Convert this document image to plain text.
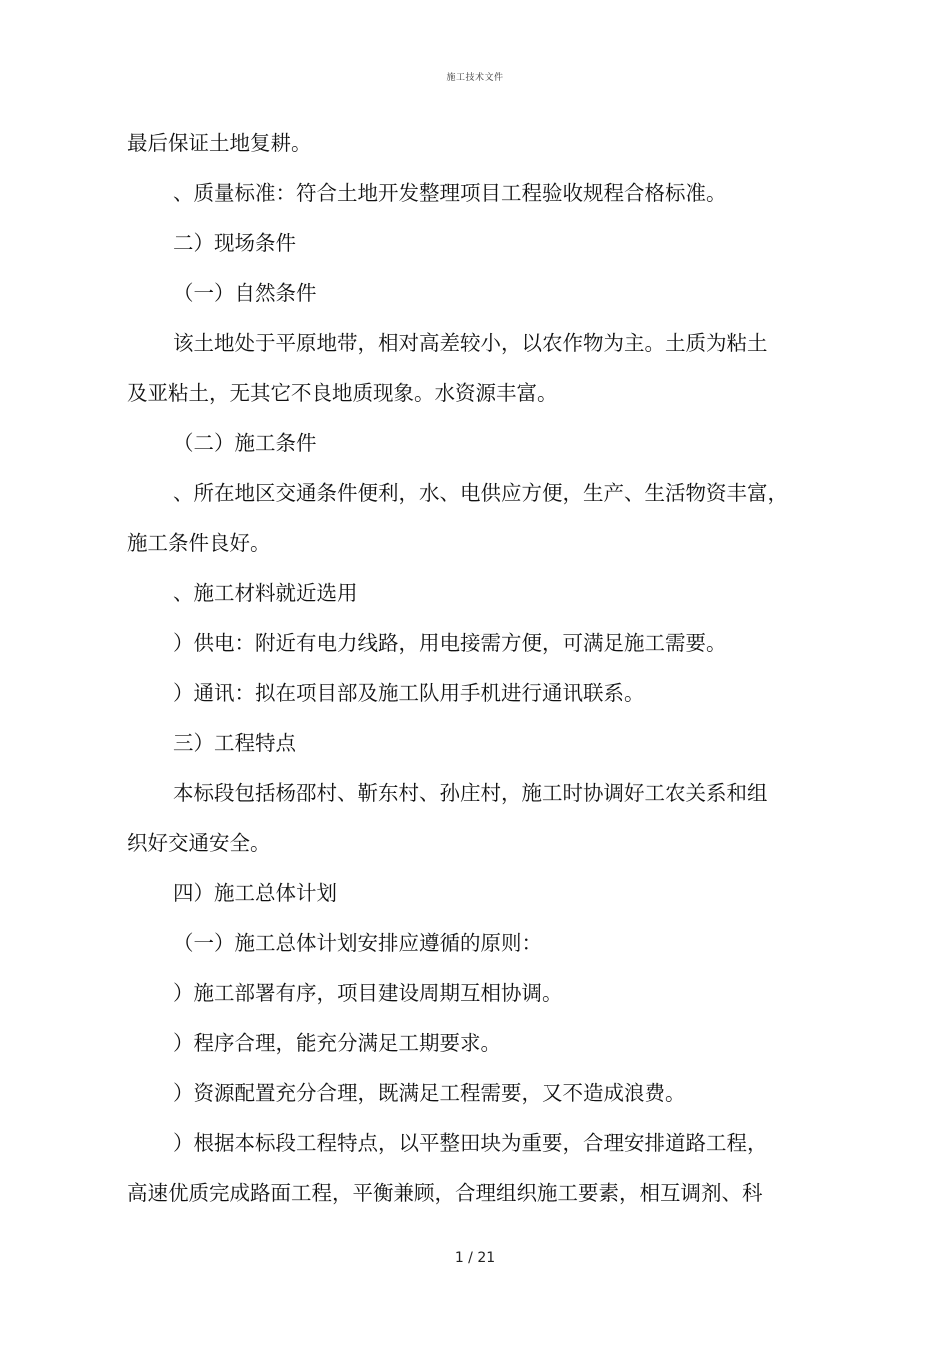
施工技术文件
最后保证土地复耕。
、质量标准：符合土地开发整理项目工程验收规程合格标准。
二）现场条件
（一）自然条件
该土地处于平原地带，相对高差较小，以农作物为主。土质为粘土
及亚粘土，无其它不良地质现象。水资源丰富。
（二）施工条件
、所在地区交通条件便利，水、电供应方便，生产、生活物资丰富，
施工条件良好。
、施工材料就近选用
）供电：附近有电力线路，用电接需方便，可满足施工需要。
）通讯：拟在项目部及施工队用手机进行通讯联系。
三）工程特点
本标段包括杨邵村、靳东村、孙庄村，施工时协调好工农关系和组
织好交通安全。
四）施工总体计划
（一）施工总体计划安排应遵循的原则：
）施工部署有序，项目建设周期互相协调。
）程序合理，能充分满足工期要求。
）资源配置充分合理，既满足工程需要，又不造成浪费。
）根据本标段工程特点，以平整田块为重要，合理安排道路工程，
高速优质完成路面工程，平衡兼顾，合理组织施工要素，相互调剂、科
1 / 21
